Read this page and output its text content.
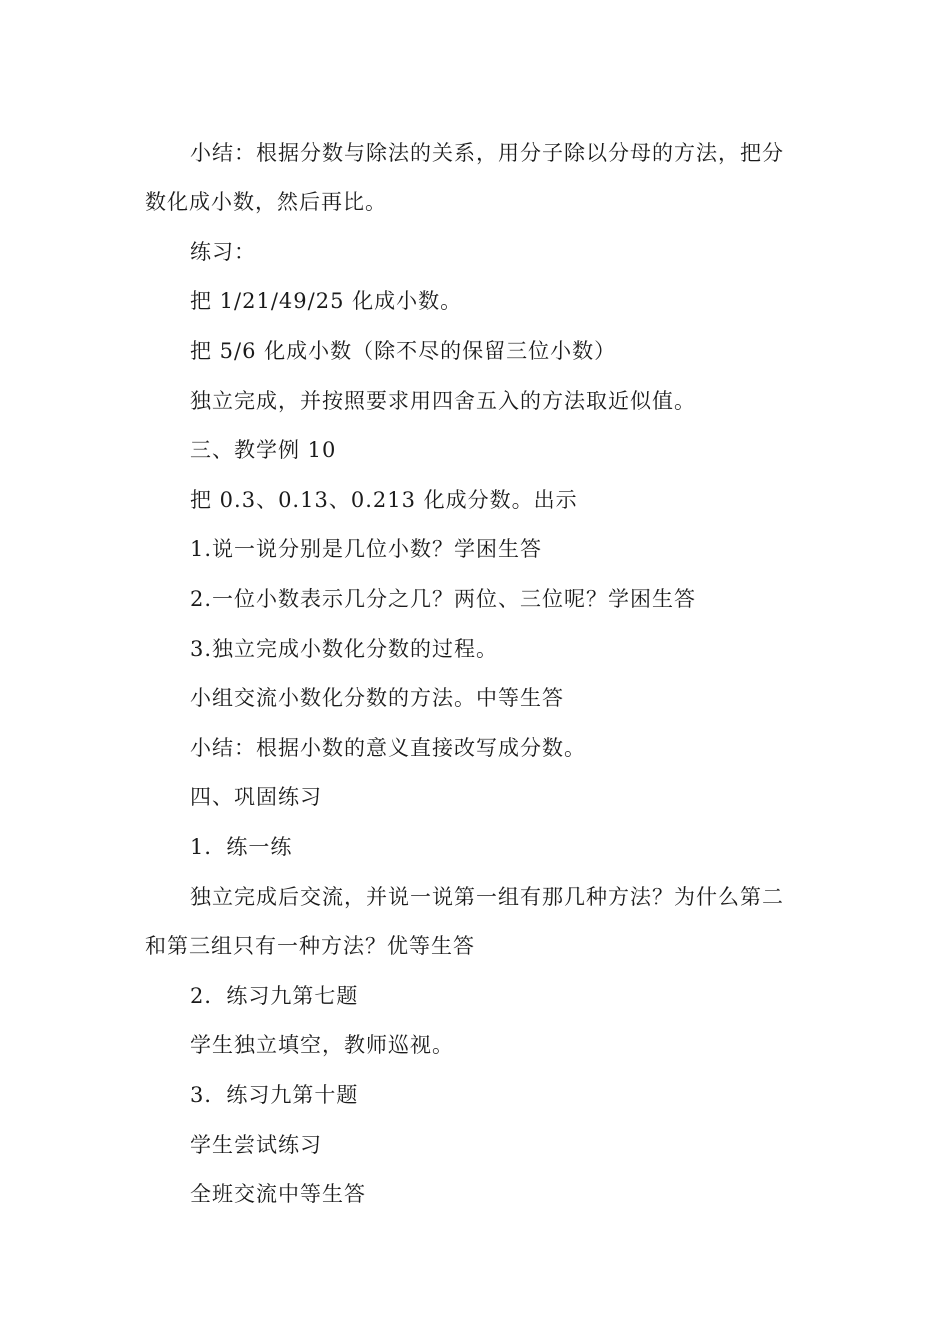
小结：根据分数与除法的关系，用分子除以分母的方法，把分
数化成小数，然后再比。
练习：
把 1/21/49/25 化成小数。
把 5/6 化成小数（除不尽的保留三位小数）
独立完成，并按照要求用四舍五入的方法取近似值。
三、教学例 10
把 0.3、0.13、0.213 化成分数。出示
1.说一说分别是几位小数？学困生答
2.一位小数表示几分之几？两位、三位呢？学困生答
3.独立完成小数化分数的过程。
小组交流小数化分数的方法。中等生答
小结：根据小数的意义直接改写成分数。
四、巩固练习
1．练一练
独立完成后交流，并说一说第一组有那几种方法？为什么第二
和第三组只有一种方法？优等生答
2．练习九第七题
学生独立填空，教师巡视。
3．练习九第十题
学生尝试练习
全班交流中等生答
